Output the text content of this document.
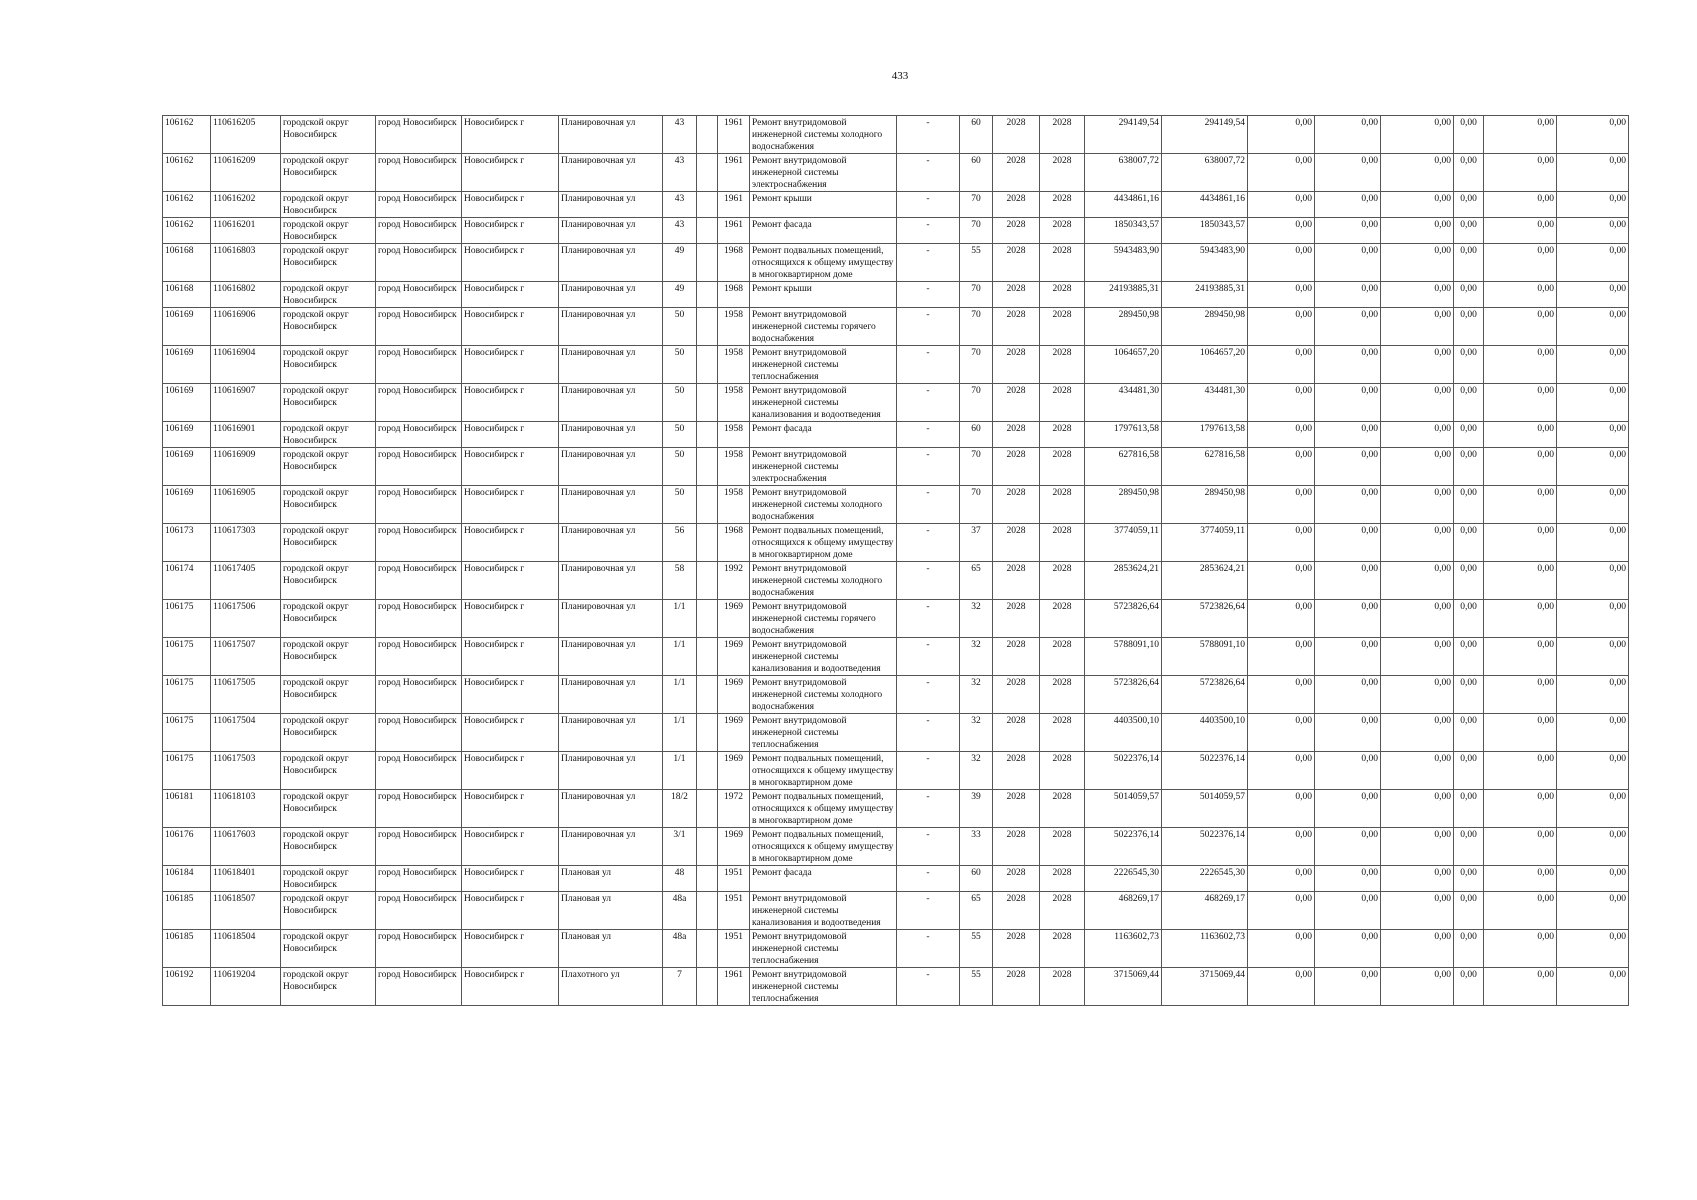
433
106162	110616205	городской округ Новосибирск	город Новосибирск	Новосибирск г	Планировочная ул	43		1961	Ремонт внутридомовой инженерной системы холодного водоснабжения	-	60	2028	2028	294149,54	294149,54	0,00	0,00	0,00	0,00	0,00	0,00
106162	110616209	городской округ Новосибирск	город Новосибирск	Новосибирск г	Планировочная ул	43		1961	Ремонт внутридомовой инженерной системы электроснабжения	-	60	2028	2028	638007,72	638007,72	0,00	0,00	0,00	0,00	0,00	0,00
106162	110616202	городской округ Новосибирск	город Новосибирск	Новосибирск г	Планировочная ул	43		1961	Ремонт крыши	-	70	2028	2028	4434861,16	4434861,16	0,00	0,00	0,00	0,00	0,00	0,00
106162	110616201	городской округ Новосибирск	город Новосибирск	Новосибирск г	Планировочная ул	43		1961	Ремонт фасада	-	70	2028	2028	1850343,57	1850343,57	0,00	0,00	0,00	0,00	0,00	0,00
106168	110616803	городской округ Новосибирск	город Новосибирск	Новосибирск г	Планировочная ул	49		1968	Ремонт подвальных помещений, относящихся к общему имуществу в многоквартирном доме	-	55	2028	2028	5943483,90	5943483,90	0,00	0,00	0,00	0,00	0,00	0,00
106168	110616802	городской округ Новосибирск	город Новосибирск	Новосибирск г	Планировочная ул	49		1968	Ремонт крыши	-	70	2028	2028	24193885,31	24193885,31	0,00	0,00	0,00	0,00	0,00	0,00
106169	110616906	городской округ Новосибирск	город Новосибирск	Новосибирск г	Планировочная ул	50		1958	Ремонт внутридомовой инженерной системы горячего водоснабжения	-	70	2028	2028	289450,98	289450,98	0,00	0,00	0,00	0,00	0,00	0,00
106169	110616904	городской округ Новосибирск	город Новосибирск	Новосибирск г	Планировочная ул	50		1958	Ремонт внутридомовой инженерной системы теплоснабжения	-	70	2028	2028	1064657,20	1064657,20	0,00	0,00	0,00	0,00	0,00	0,00
106169	110616907	городской округ Новосибирск	город Новосибирск	Новосибирск г	Планировочная ул	50		1958	Ремонт внутридомовой инженерной системы канализования и водоотведения	-	70	2028	2028	434481,30	434481,30	0,00	0,00	0,00	0,00	0,00	0,00
106169	110616901	городской округ Новосибирск	город Новосибирск	Новосибирск г	Планировочная ул	50		1958	Ремонт фасада	-	60	2028	2028	1797613,58	1797613,58	0,00	0,00	0,00	0,00	0,00	0,00
106169	110616909	городской округ Новосибирск	город Новосибирск	Новосибирск г	Планировочная ул	50		1958	Ремонт внутридомовой инженерной системы электроснабжения	-	70	2028	2028	627816,58	627816,58	0,00	0,00	0,00	0,00	0,00	0,00
106169	110616905	городской округ Новосибирск	город Новосибирск	Новосибирск г	Планировочная ул	50		1958	Ремонт внутридомовой инженерной системы холодного водоснабжения	-	70	2028	2028	289450,98	289450,98	0,00	0,00	0,00	0,00	0,00	0,00
106173	110617303	городской округ Новосибирск	город Новосибирск	Новосибирск г	Планировочная ул	56		1968	Ремонт подвальных помещений, относящихся к общему имуществу в многоквартирном доме	-	37	2028	2028	3774059,11	3774059,11	0,00	0,00	0,00	0,00	0,00	0,00
106174	110617405	городской округ Новосибирск	город Новосибирск	Новосибирск г	Планировочная ул	58		1992	Ремонт внутридомовой инженерной системы холодного водоснабжения	-	65	2028	2028	2853624,21	2853624,21	0,00	0,00	0,00	0,00	0,00	0,00
106175	110617506	городской округ Новосибирск	город Новосибирск	Новосибирск г	Планировочная ул	1/1		1969	Ремонт внутридомовой инженерной системы горячего водоснабжения	-	32	2028	2028	5723826,64	5723826,64	0,00	0,00	0,00	0,00	0,00	0,00
106175	110617507	городской округ Новосибирск	город Новосибирск	Новосибирск г	Планировочная ул	1/1		1969	Ремонт внутридомовой инженерной системы канализования и водоотведения	-	32	2028	2028	5788091,10	5788091,10	0,00	0,00	0,00	0,00	0,00	0,00
106175	110617505	городской округ Новосибирск	город Новосибирск	Новосибирск г	Планировочная ул	1/1		1969	Ремонт внутридомовой инженерной системы холодного водоснабжения	-	32	2028	2028	5723826,64	5723826,64	0,00	0,00	0,00	0,00	0,00	0,00
106175	110617504	городской округ Новосибирск	город Новосибирск	Новосибирск г	Планировочная ул	1/1		1969	Ремонт внутридомовой инженерной системы теплоснабжения	-	32	2028	2028	4403500,10	4403500,10	0,00	0,00	0,00	0,00	0,00	0,00
106175	110617503	городской округ Новосибирск	город Новосибирск	Новосибирск г	Планировочная ул	1/1		1969	Ремонт подвальных помещений, относящихся к общему имуществу в многоквартирном доме	-	32	2028	2028	5022376,14	5022376,14	0,00	0,00	0,00	0,00	0,00	0,00
106181	110618103	городской округ Новосибирск	город Новосибирск	Новосибирск г	Планировочная ул	18/2		1972	Ремонт подвальных помещений, относящихся к общему имуществу в многоквартирном доме	-	39	2028	2028	5014059,57	5014059,57	0,00	0,00	0,00	0,00	0,00	0,00
106176	110617603	городской округ Новосибирск	город Новосибирск	Новосибирск г	Планировочная ул	3/1		1969	Ремонт подвальных помещений, относящихся к общему имуществу в многоквартирном доме	-	33	2028	2028	5022376,14	5022376,14	0,00	0,00	0,00	0,00	0,00	0,00
106184	110618401	городской округ Новосибирск	город Новосибирск	Новосибирск г	Плановая ул	48		1951	Ремонт фасада	-	60	2028	2028	2226545,30	2226545,30	0,00	0,00	0,00	0,00	0,00	0,00
106185	110618507	городской округ Новосибирск	город Новосибирск	Новосибирск г	Плановая ул	48а		1951	Ремонт внутридомовой инженерной системы канализования и водоотведения	-	65	2028	2028	468269,17	468269,17	0,00	0,00	0,00	0,00	0,00	0,00
106185	110618504	городской округ Новосибирск	город Новосибирск	Новосибирск г	Плановая ул	48а		1951	Ремонт внутридомовой инженерной системы теплоснабжения	-	55	2028	2028	1163602,73	1163602,73	0,00	0,00	0,00	0,00	0,00	0,00
106192	110619204	городской округ Новосибирск	город Новосибирск	Новосибирск г	Плахотного ул	7		1961	Ремонт внутридомовой инженерной системы теплоснабжения	-	55	2028	2028	3715069,44	3715069,44	0,00	0,00	0,00	0,00	0,00	0,00
